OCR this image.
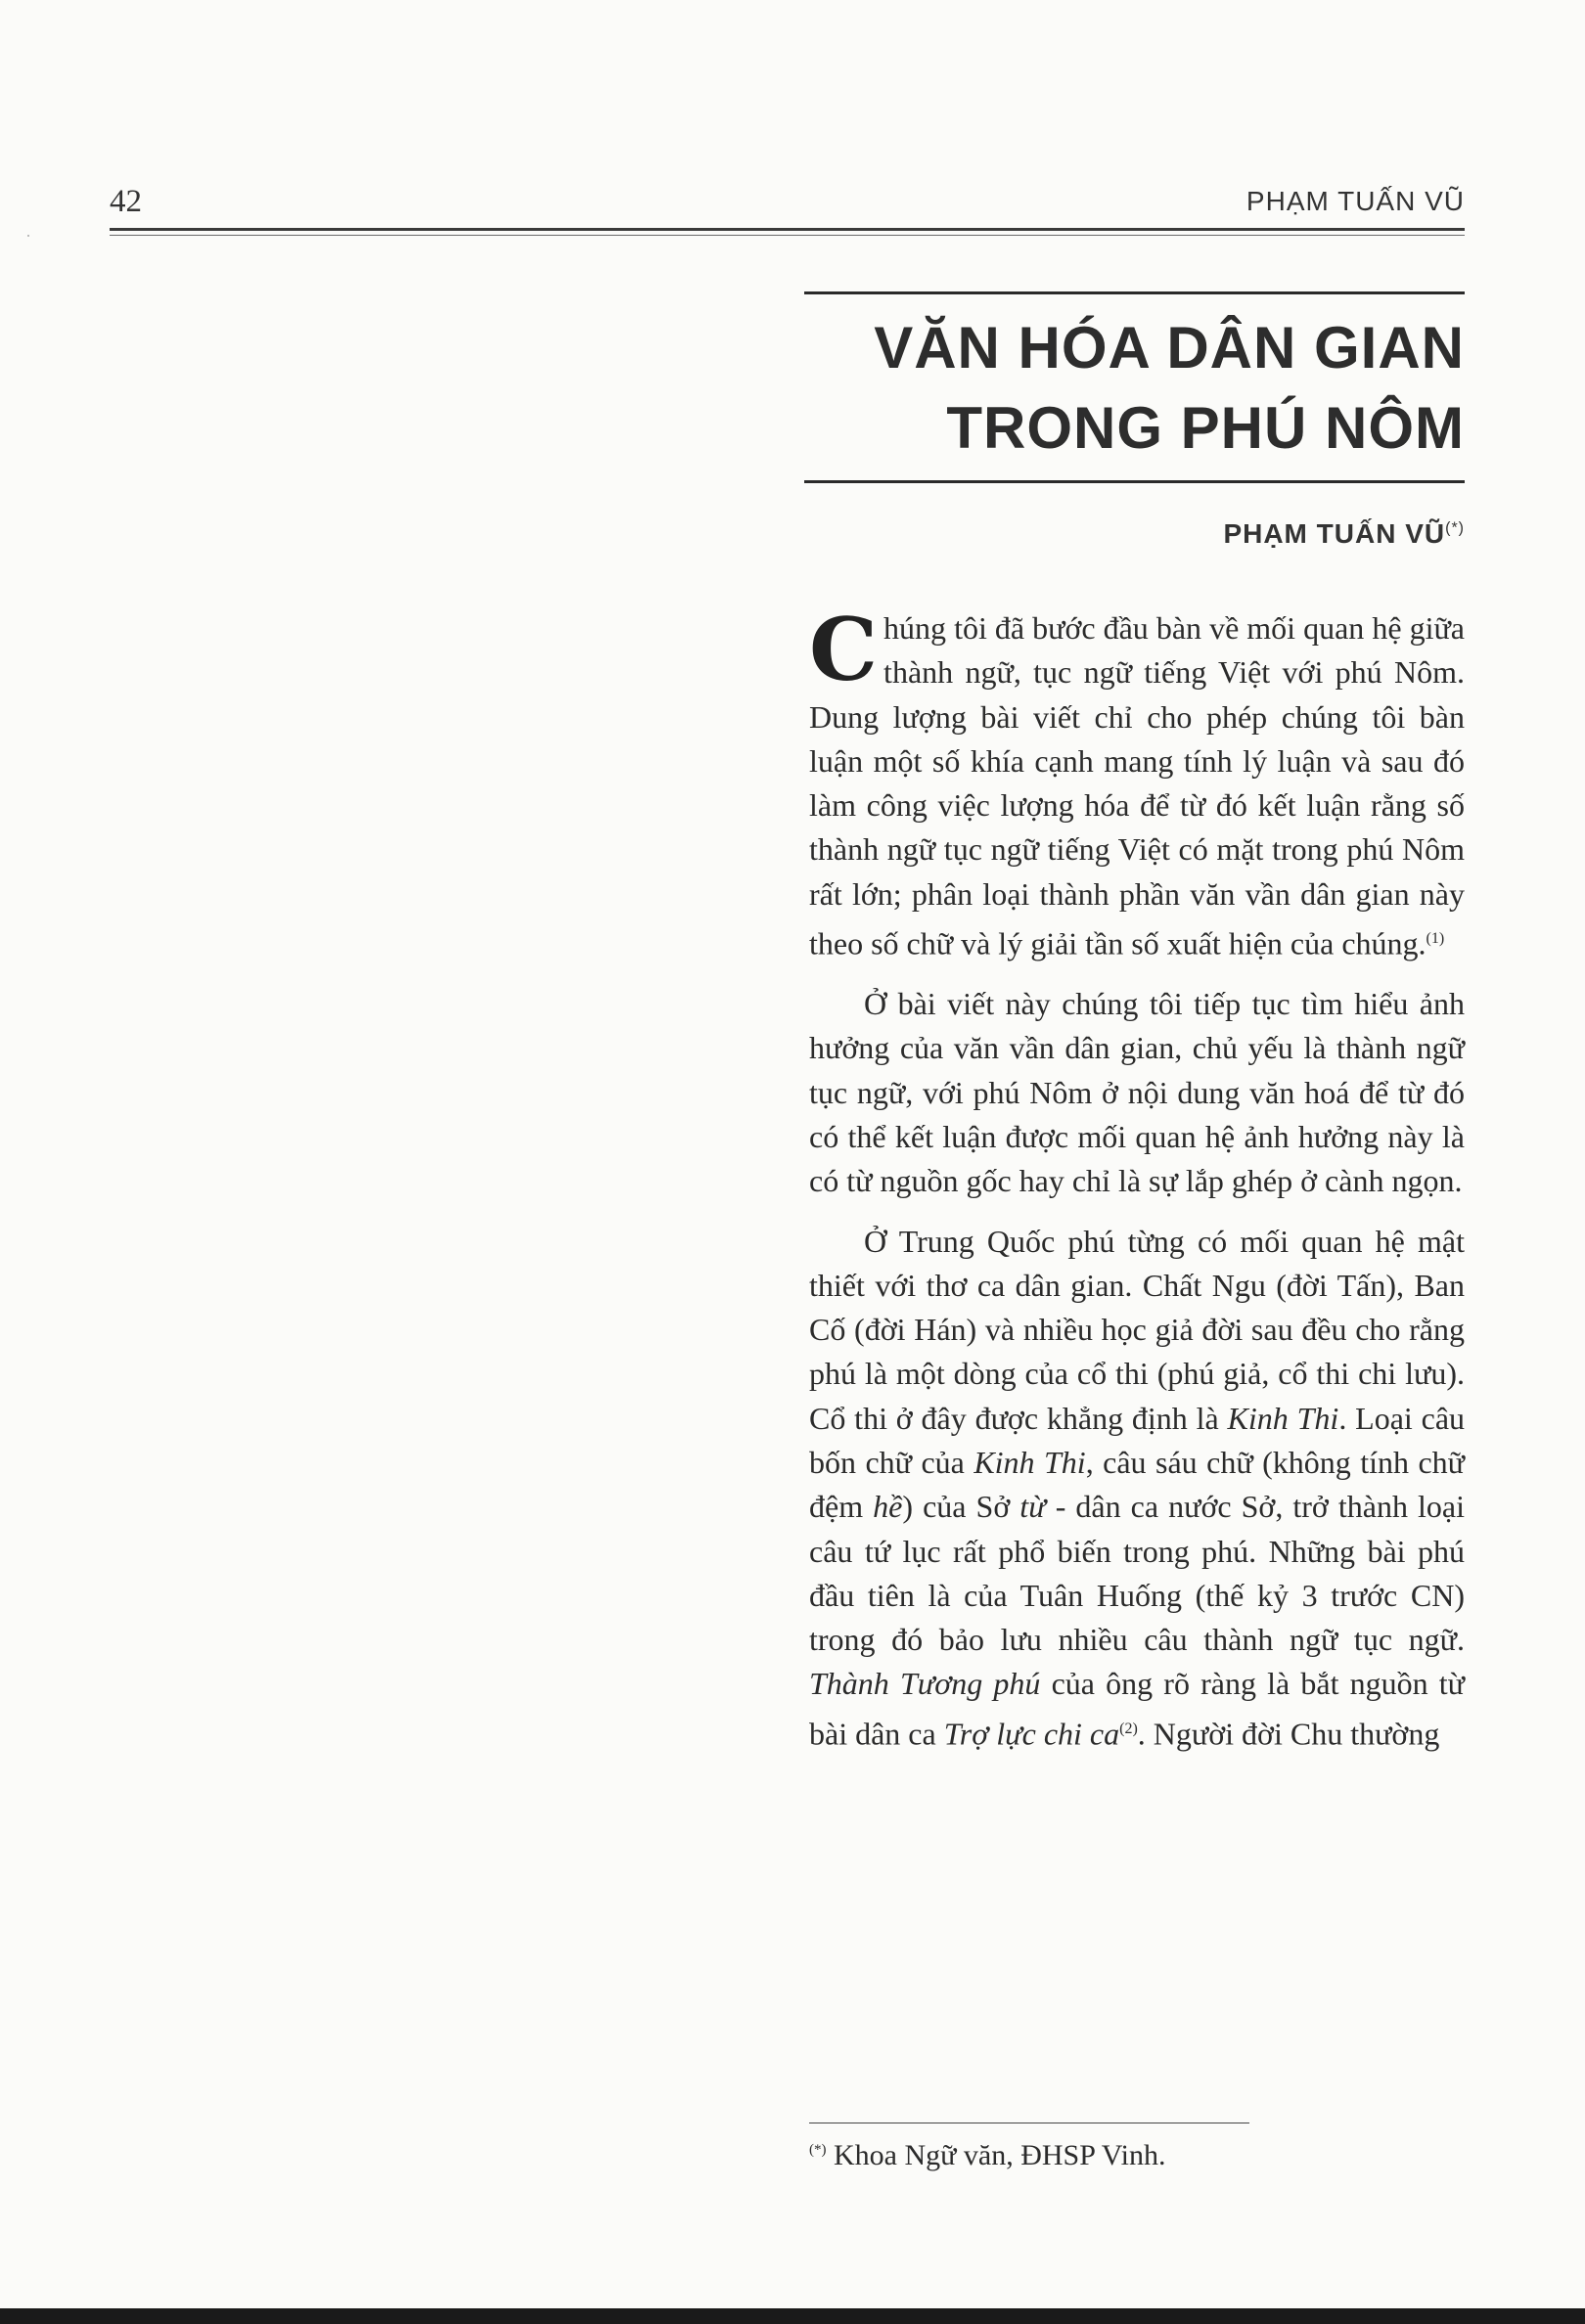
42	PHẠM TUẤN VŨ
VĂN HÓA DÂN GIAN
TRONG PHÚ NÔM
PHẠM TUẤN VŨ(*)

Chúng tôi đã bước đầu bàn về mối quan hệ giữa thành ngữ, tục ngữ tiếng Việt với phú Nôm. Dung lượng bài viết chỉ cho phép chúng tôi bàn luận một số khía cạnh mang tính lý luận và sau đó làm công việc lượng hóa để từ đó kết luận rằng số thành ngữ tục ngữ tiếng Việt có mặt trong phú Nôm rất lớn; phân loại thành phần văn vần dân gian này theo số chữ và lý giải tần số xuất hiện của chúng.$^{(1)}$

Ở bài viết này chúng tôi tiếp tục tìm hiểu ảnh hưởng của văn vần dân gian, chủ yếu là thành ngữ tục ngữ, với phú Nôm ở nội dung văn hoá để từ đó có thể kết luận được mối quan hệ ảnh hưởng này là có từ nguồn gốc hay chỉ là sự lắp ghép ở cành ngọn.

Ở Trung Quốc phú từng có mối quan hệ mật thiết với thơ ca dân gian. Chất Ngu (đời Tấn), Ban Cố (đời Hán) và nhiều học giả đời sau đều cho rằng phú là một dòng của cổ thi (phú giả, cổ thi chi lưu). Cổ thi ở đây được khẳng định là Kinh Thi. Loại câu bốn chữ của Kinh Thi, câu sáu chữ (không tính chữ đệm hề) của Sở từ - dân ca nước Sở, trở thành loại câu tứ lục rất phổ biến trong phú. Những bài phú đầu tiên là của Tuân Huống (thế kỷ 3 trước CN) trong đó bảo lưu nhiều câu thành ngữ tục ngữ. Thành Tương phú của ông rõ ràng là bắt nguồn từ bài dân ca Trợ lực chi $ca^{(2)}$. Người đời Chu thường

(*) Khoa Ngữ văn, ĐHSP Vinh.
